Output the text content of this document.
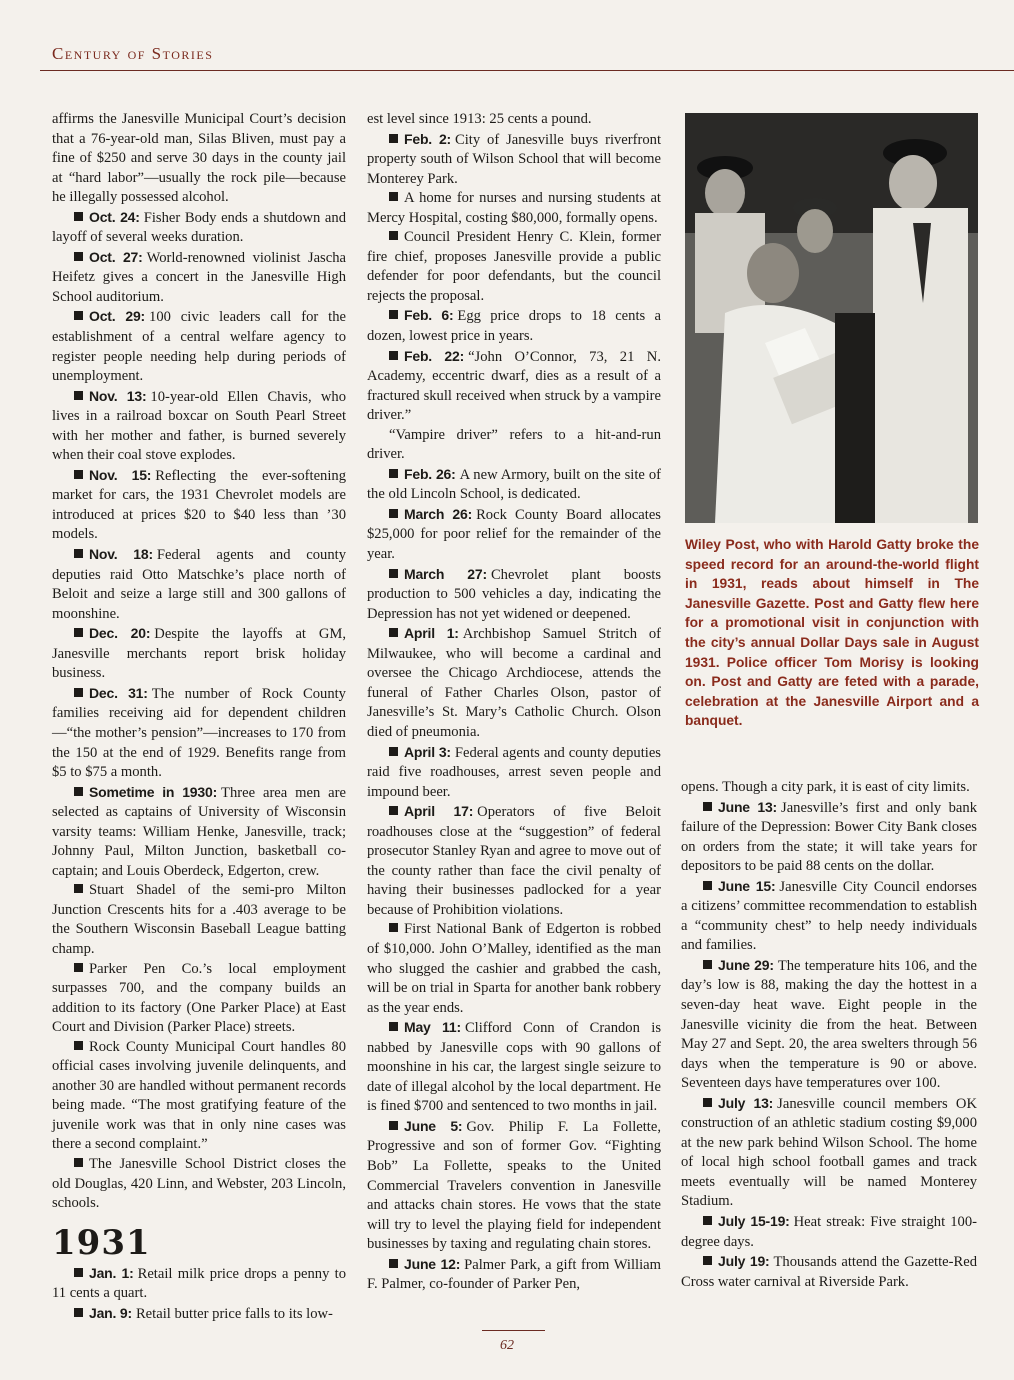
Century of Stories

affirms the Janesville Municipal Court’s decision that a 76-year-old man, Silas Bliven, must pay a fine of $250 and serve 30 days in the county jail at “hard labor”—usually the rock pile—because he illegally possessed alcohol.

Oct. 24: Fisher Body ends a shutdown and layoff of several weeks duration.

Oct. 27: World-renowned violinist Jascha Heifetz gives a concert in the Janesville High School auditorium.

Oct. 29: 100 civic leaders call for the establishment of a central welfare agency to register people needing help during periods of unemployment.

Nov. 13: 10-year-old Ellen Chavis, who lives in a railroad boxcar on South Pearl Street with her mother and father, is burned severely when their coal stove explodes.

Nov. 15: Reflecting the ever-softening market for cars, the 1931 Chevrolet models are introduced at prices $20 to $40 less than ’30 models.

Nov. 18: Federal agents and county deputies raid Otto Matschke’s place north of Beloit and seize a large still and 300 gallons of moonshine.

Dec. 20: Despite the layoffs at GM, Janesville merchants report brisk holiday business.

Dec. 31: The number of Rock County families receiving aid for dependent children —“the mother’s pension”—increases to 170 from the 150 at the end of 1929. Benefits range from $5 to $75 a month.

Sometime in 1930: Three area men are selected as captains of University of Wisconsin varsity teams: William Henke, Janesville, track; Johnny Paul, Milton Junction, basketball co-captain; and Louis Oberdeck, Edgerton, crew.

Stuart Shadel of the semi-pro Milton Junction Crescents hits for a .403 average to be the Southern Wisconsin Baseball League batting champ.

Parker Pen Co.’s local employment surpasses 700, and the company builds an addition to its factory (One Parker Place) at East Court and Division (Parker Place) streets.

Rock County Municipal Court handles 80 official cases involving juvenile delinquents, and another 30 are handled without permanent records being made. “The most gratifying feature of the juvenile work was that in only nine cases was there a second complaint.”

The Janesville School District closes the old Douglas, 420 Linn, and Webster, 203 Lincoln, schools.

1931

Jan. 1: Retail milk price drops a penny to 11 cents a quart.

Jan. 9: Retail butter price falls to its low-

est level since 1913: 25 cents a pound.

Feb. 2: City of Janesville buys riverfront property south of Wilson School that will become Monterey Park.

A home for nurses and nursing students at Mercy Hospital, costing $80,000, formally opens.

Council President Henry C. Klein, former fire chief, proposes Janesville provide a public defender for poor defendants, but the council rejects the proposal.

Feb. 6: Egg price drops to 18 cents a dozen, lowest price in years.

Feb. 22: “John O’Connor, 73, 21 N. Academy, eccentric dwarf, dies as a result of a fractured skull received when struck by a vampire driver.”

“Vampire driver” refers to a hit-and-run driver.

Feb. 26: A new Armory, built on the site of the old Lincoln School, is dedicated.

March 26: Rock County Board allocates $25,000 for poor relief for the remainder of the year.

March 27: Chevrolet plant boosts production to 500 vehicles a day, indicating the Depression has not yet widened or deepened.

April 1: Archbishop Samuel Stritch of Milwaukee, who will become a cardinal and oversee the Chicago Archdiocese, attends the funeral of Father Charles Olson, pastor of Janesville’s St. Mary’s Catholic Church. Olson died of pneumonia.

April 3: Federal agents and county deputies raid five roadhouses, arrest seven people and impound beer.

April 17: Operators of five Beloit roadhouses close at the “suggestion” of federal prosecutor Stanley Ryan and agree to move out of the county rather than face the civil penalty of having their businesses padlocked for a year because of Prohibition violations.

First National Bank of Edgerton is robbed of $10,000. John O’Malley, identified as the man who slugged the cashier and grabbed the cash, will be on trial in Sparta for another bank robbery as the year ends.

May 11: Clifford Conn of Crandon is nabbed by Janesville cops with 90 gallons of moonshine in his car, the largest single seizure to date of illegal alcohol by the local department. He is fined $700 and sentenced to two months in jail.

June 5: Gov. Philip F. La Follette, Progressive and son of former Gov. “Fighting Bob” La Follette, speaks to the United Commercial Travelers convention in Janesville and attacks chain stores. He vows that the state will try to level the playing field for independent businesses by taxing and regulating chain stores.

June 12: Palmer Park, a gift from William F. Palmer, co-founder of Parker Pen,

Wiley Post, who with Harold Gatty broke the speed record for an around-the-world flight in 1931, reads about himself in The Janesville Gazette. Post and Gatty flew here for a promotional visit in conjunction with the city’s annual Dollar Days sale in August 1931. Police officer Tom Morisy is looking on. Post and Gatty are feted with a parade, celebration at the Janesville Airport and a banquet.

opens. Though a city park, it is east of city limits.

June 13: Janesville’s first and only bank failure of the Depression: Bower City Bank closes on orders from the state; it will take years for depositors to be paid 88 cents on the dollar.

June 15: Janesville City Council endorses a citizens’ committee recommendation to establish a “community chest” to help needy individuals and families.

June 29: The temperature hits 106, and the day’s low is 88, making the day the hottest in a seven-day heat wave. Eight people in the Janesville vicinity die from the heat. Between May 27 and Sept. 20, the area swelters through 56 days when the temperature is 90 or above. Seventeen days have temperatures over 100.

July 13: Janesville council members OK construction of an athletic stadium costing $9,000 at the new park behind Wilson School. The home of local high school football games and track meets eventually will be named Monterey Stadium.

July 15-19: Heat streak: Five straight 100-degree days.

July 19: Thousands attend the Gazette-Red Cross water carnival at Riverside Park.

62
